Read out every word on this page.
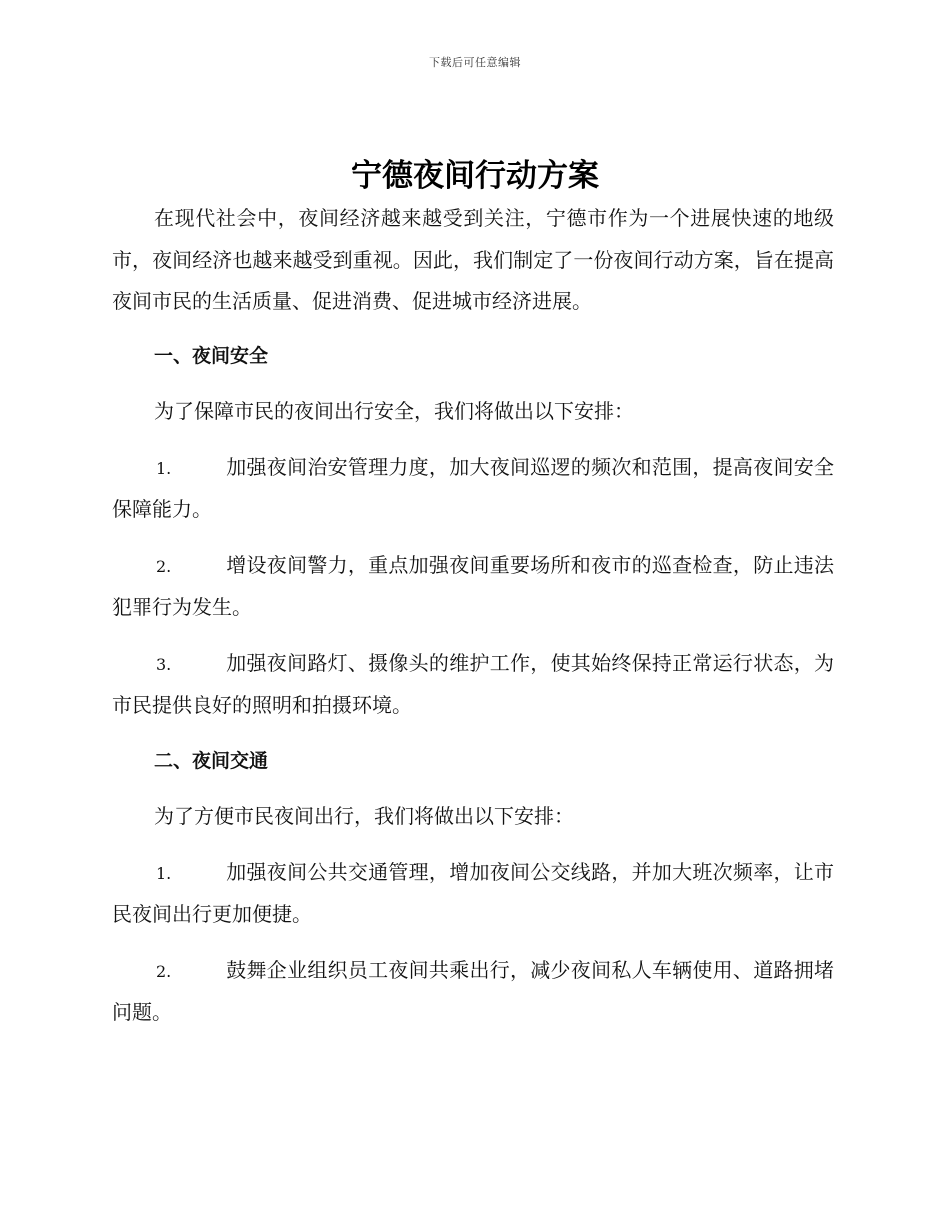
下载后可任意编辑
宁德夜间行动方案

在现代社会中，夜间经济越来越受到关注，宁德市作为一个进展快速的地级市，夜间经济也越来越受到重视。因此，我们制定了一份夜间行动方案，旨在提高夜间市民的生活质量、促进消费、促进城市经济进展。

一、夜间安全

为了保障市民的夜间出行安全，我们将做出以下安排：

1.	加强夜间治安管理力度，加大夜间巡逻的频次和范围，提高夜间安全保障能力。
2.	增设夜间警力，重点加强夜间重要场所和夜市的巡查检查，防止违法犯罪行为发生。
3.	加强夜间路灯、摄像头的维护工作，使其始终保持正常运行状态，为市民提供良好的照明和拍摄环境。
二、夜间交通

为了方便市民夜间出行，我们将做出以下安排：

1.	加强夜间公共交通管理，增加夜间公交线路，并加大班次频率，让市民夜间出行更加便捷。
2.	鼓舞企业组织员工夜间共乘出行，减少夜间私人车辆使用、道路拥堵问题。
